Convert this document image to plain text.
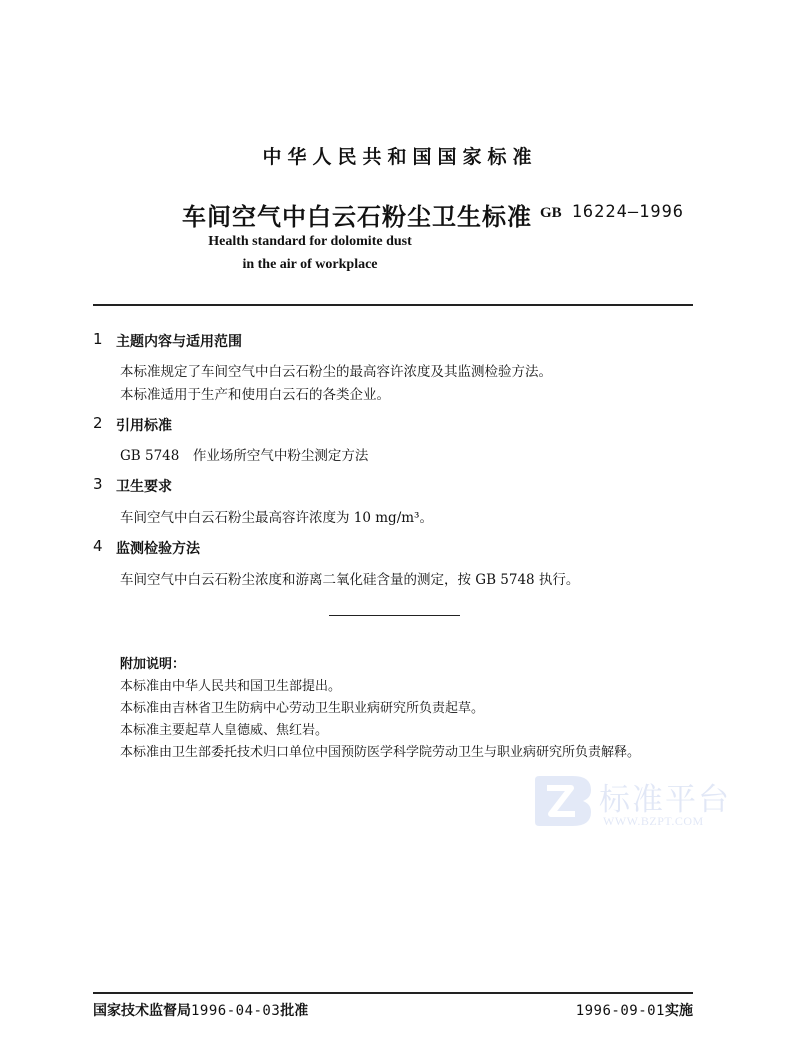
中华人民共和国国家标准
车间空气中白云石粉尘卫生标准 GB 16224—1996
Health standard for dolomite dust
in the air of workplace
1 主题内容与适用范围
本标准规定了车间空气中白云石粉尘的最高容许浓度及其监测检验方法。
本标准适用于生产和使用白云石的各类企业。
2 引用标准
GB 5748　作业场所空气中粉尘测定方法
3 卫生要求
车间空气中白云石粉尘最高容许浓度为 10 mg/m³。
4 监测检验方法
车间空气中白云石粉尘浓度和游离二氧化硅含量的测定，按 GB 5748 执行。
附加说明：
本标准由中华人民共和国卫生部提出。
本标准由吉林省卫生防病中心劳动卫生职业病研究所负责起草。
本标准主要起草人皇德威、焦红岩。
本标准由卫生部委托技术归口单位中国预防医学科学院劳动卫生与职业病研究所负责解释。
标准平台
WWW.BZPT.COM
国家技术监督局1996-04-03批准	1996-09-01实施
